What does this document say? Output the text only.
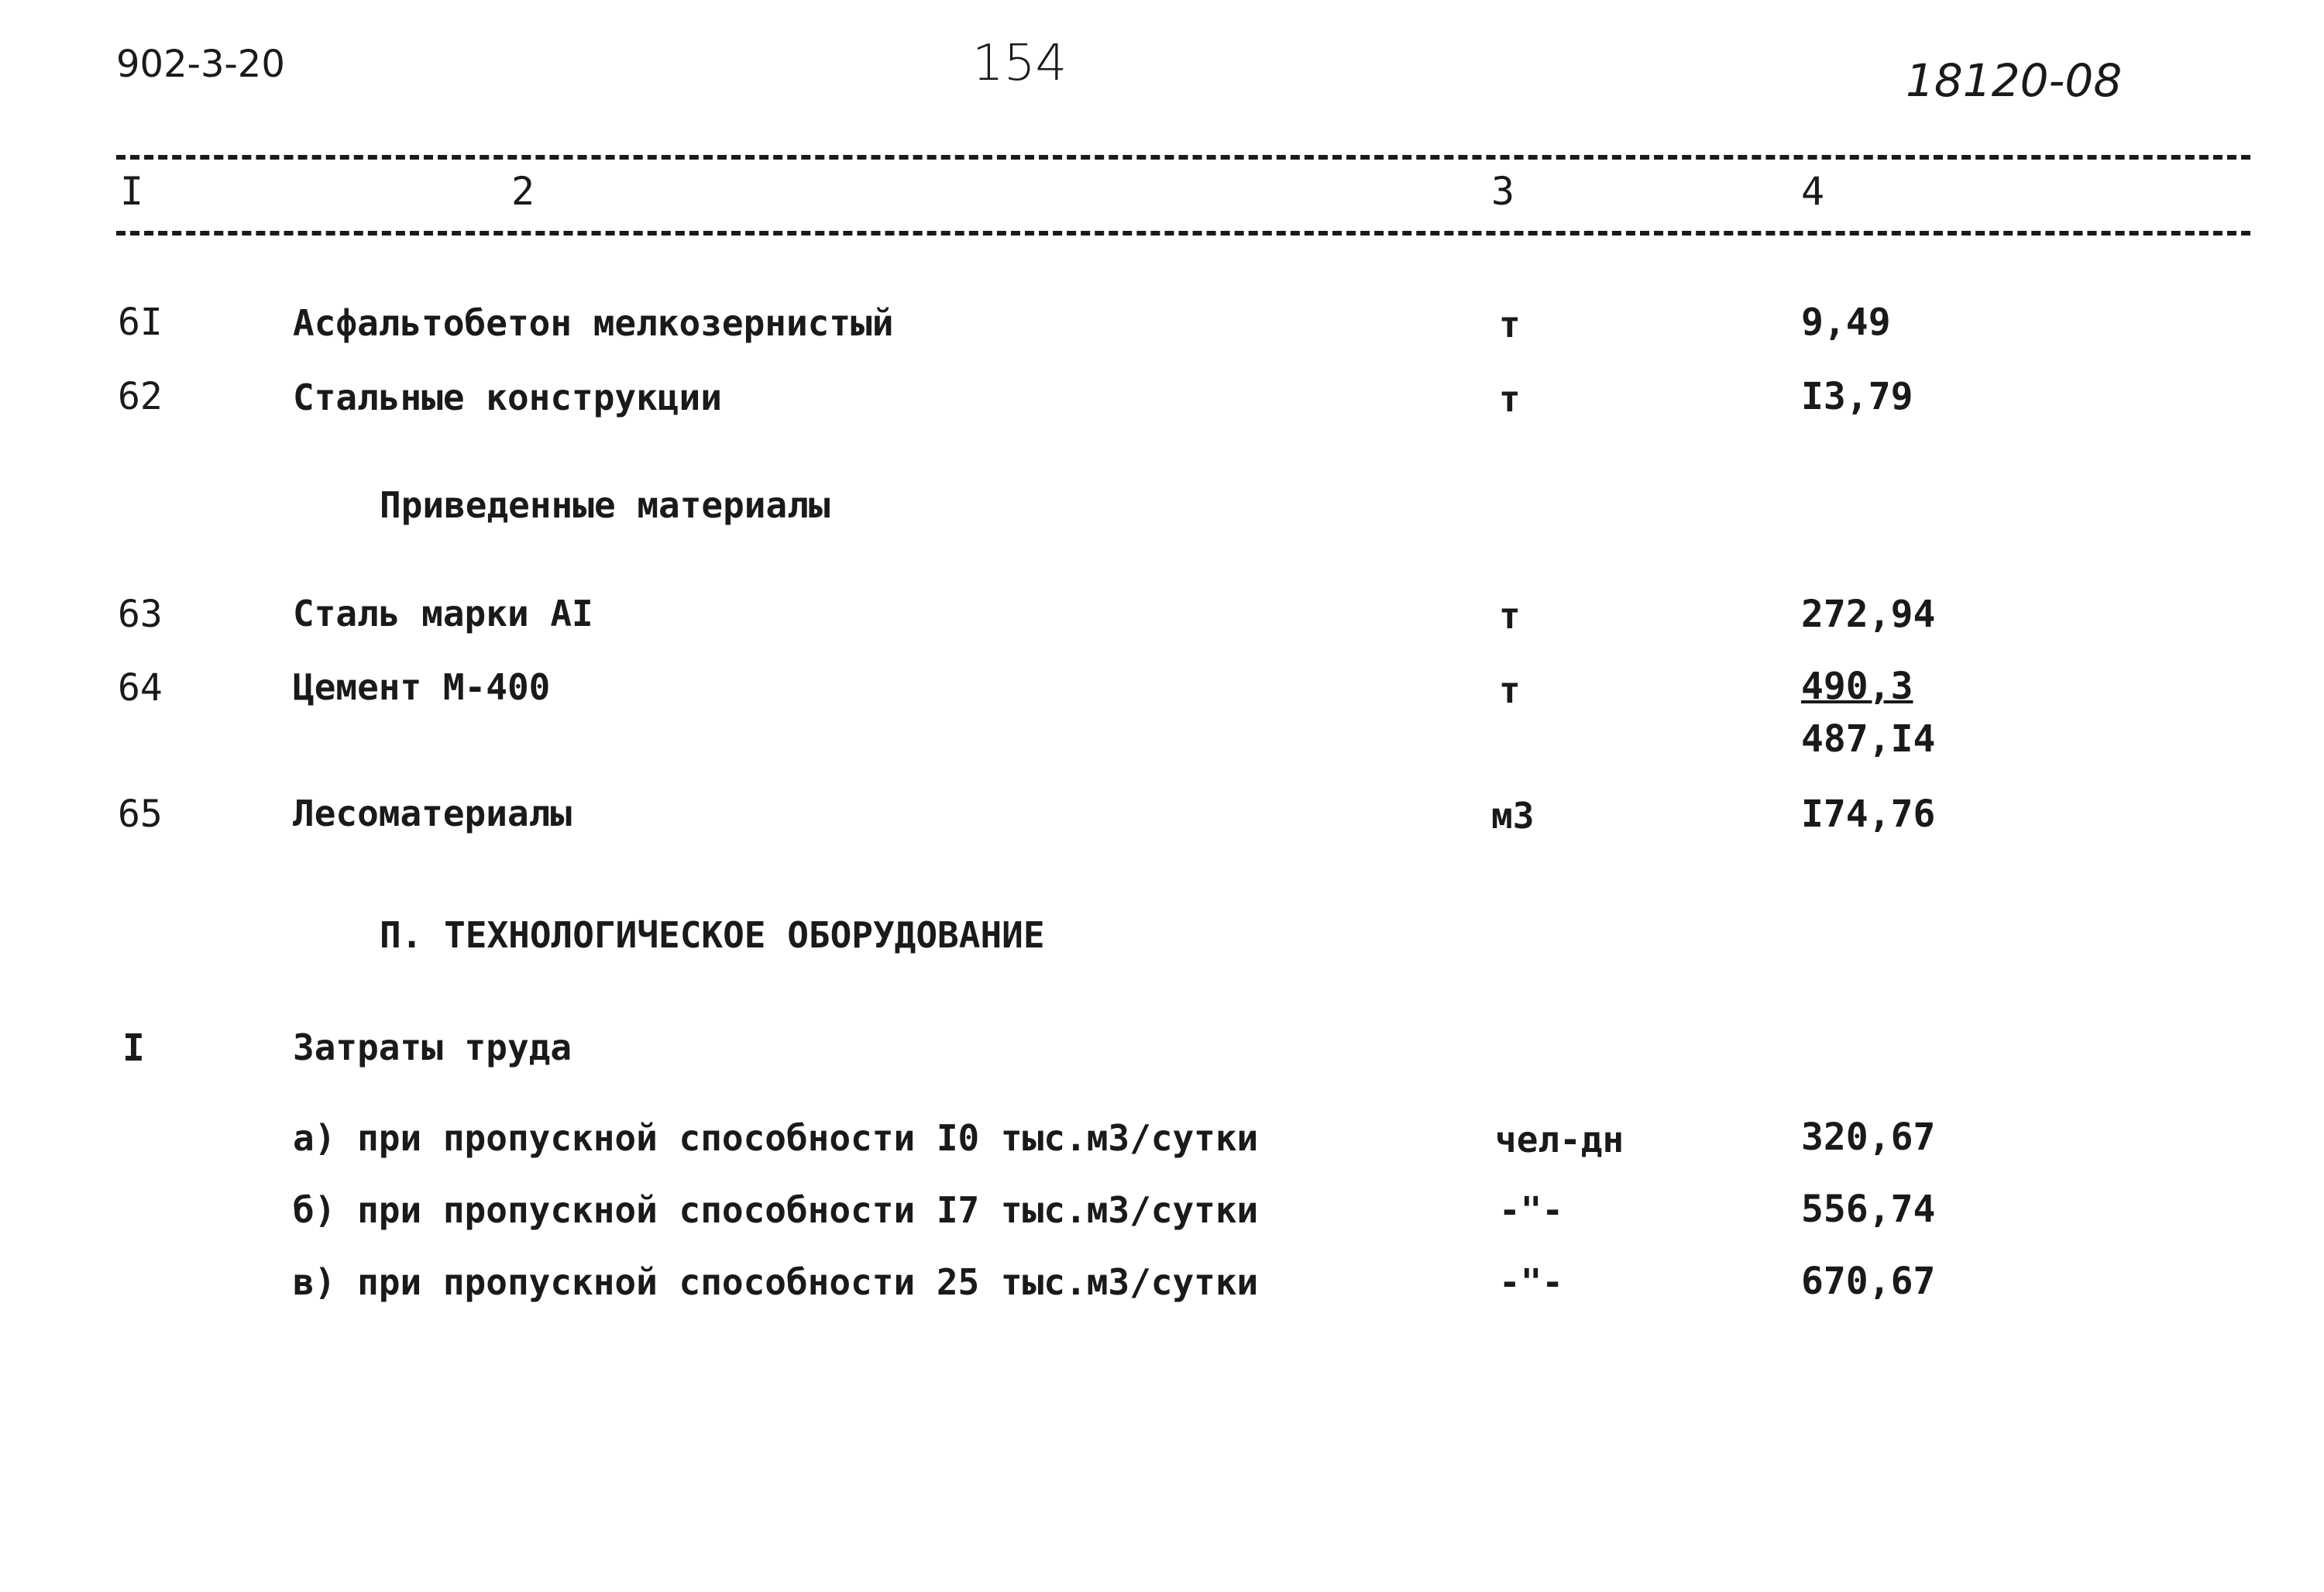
902-3-20	154	18120-08
I	2	3	4
6I	Асфальтобетон мелкозернистый	т	9,49
62	Стальные конструкции	т	I3,79
Приведенные материалы
63	Сталь марки АI	т	272,94
64	Цемент М-400	т	490,3
487,I4
65	Лесоматериалы	м3	I74,76
П. ТЕХНОЛОГИЧЕСКОЕ ОБОРУДОВАНИЕ
I	Затраты труда
а) при пропускной способности I0 тыс.м3/сутки	чел-дн	320,67
б) при пропускной способности I7 тыс.м3/сутки	-"-	556,74
в) при пропускной способности 25 тыс.м3/сутки	-"-	670,67
